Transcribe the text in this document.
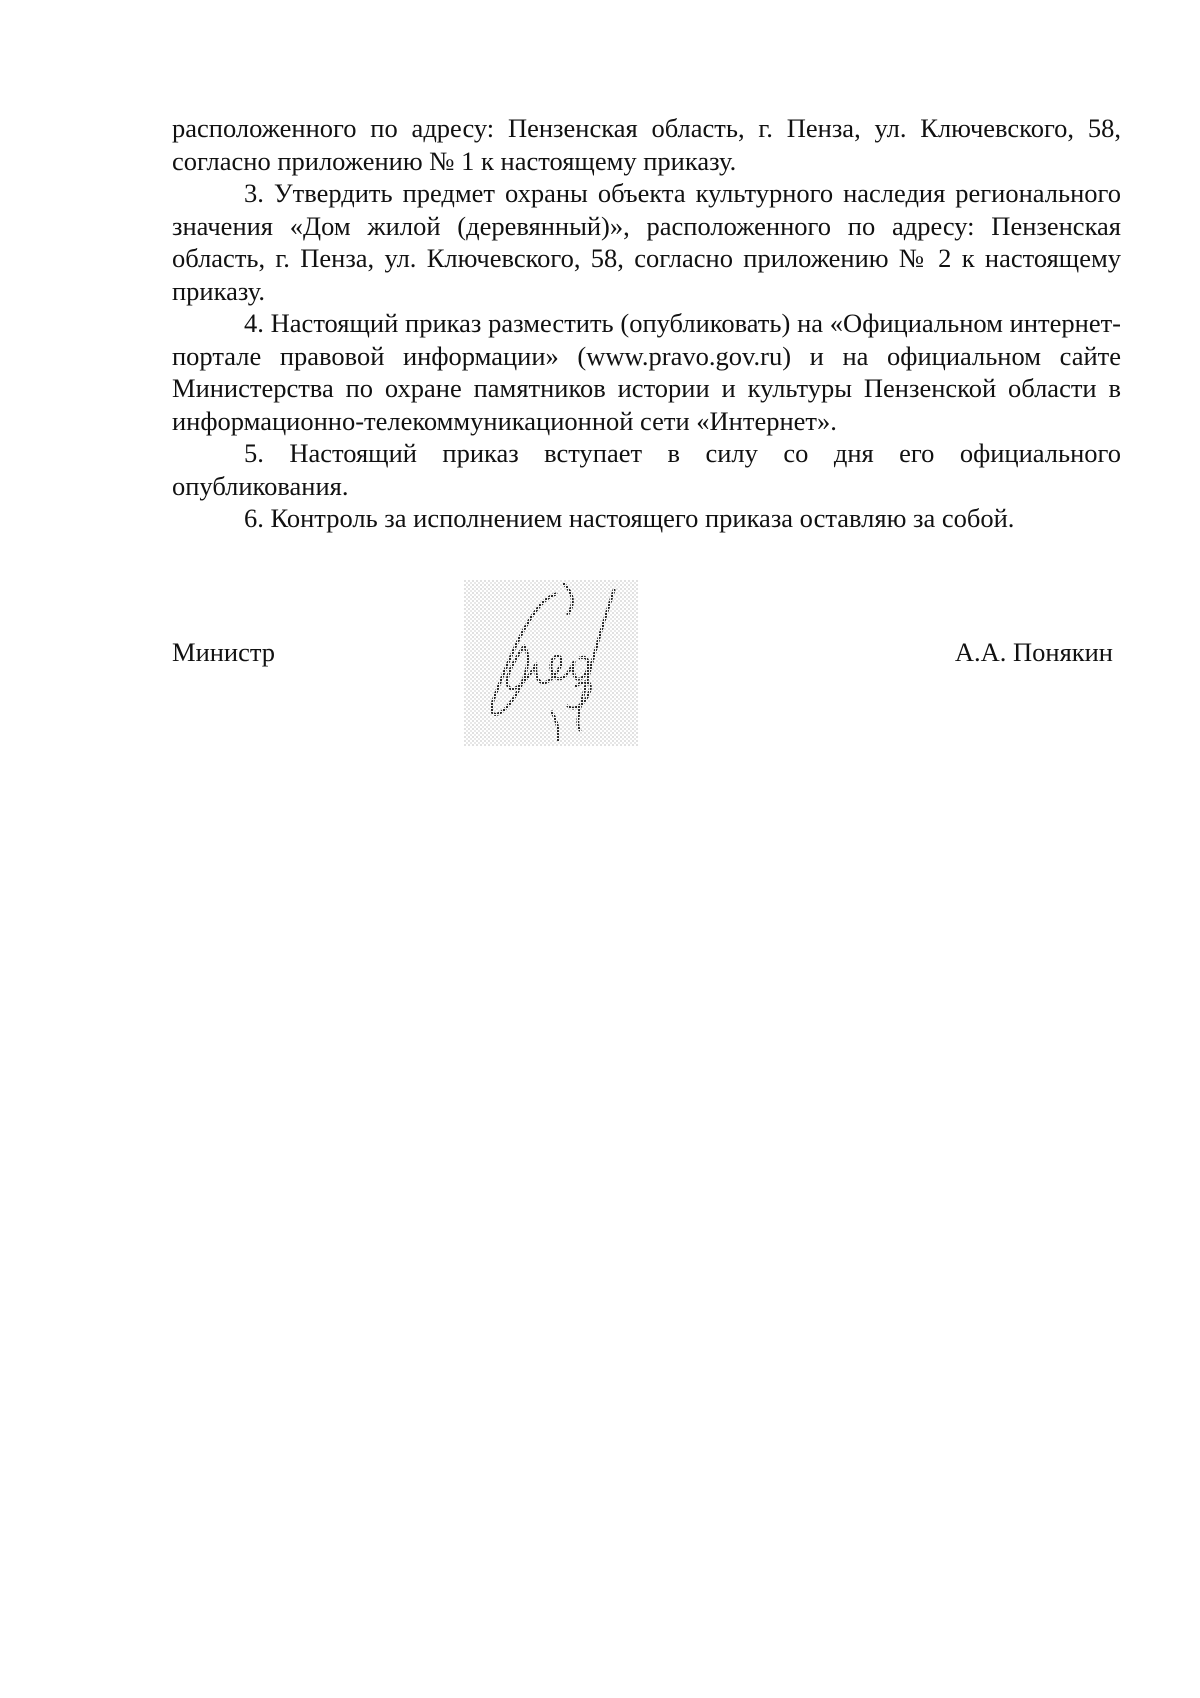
расположенного по адресу: Пензенская область, г. Пенза, ул. Ключевского, 58, согласно приложению № 1 к настоящему приказу.

3. Утвердить предмет охраны объекта культурного наследия регионального значения «Дом жилой (деревянный)», расположенного по адресу: Пензенская область, г. Пенза, ул. Ключевского, 58, согласно приложению № 2 к настоящему приказу.

4. Настоящий приказ разместить (опубликовать) на «Официальном интернет-портале правовой информации» (www.pravo.gov.ru) и на официальном сайте Министерства по охране памятников истории и культуры Пензенской области в информационно-телекоммуникационной сети «Интернет».

5. Настоящий приказ вступает в силу со дня его официального опубликования.

6. Контроль за исполнением настоящего приказа оставляю за собой.

Министр	А.А. Понякин
